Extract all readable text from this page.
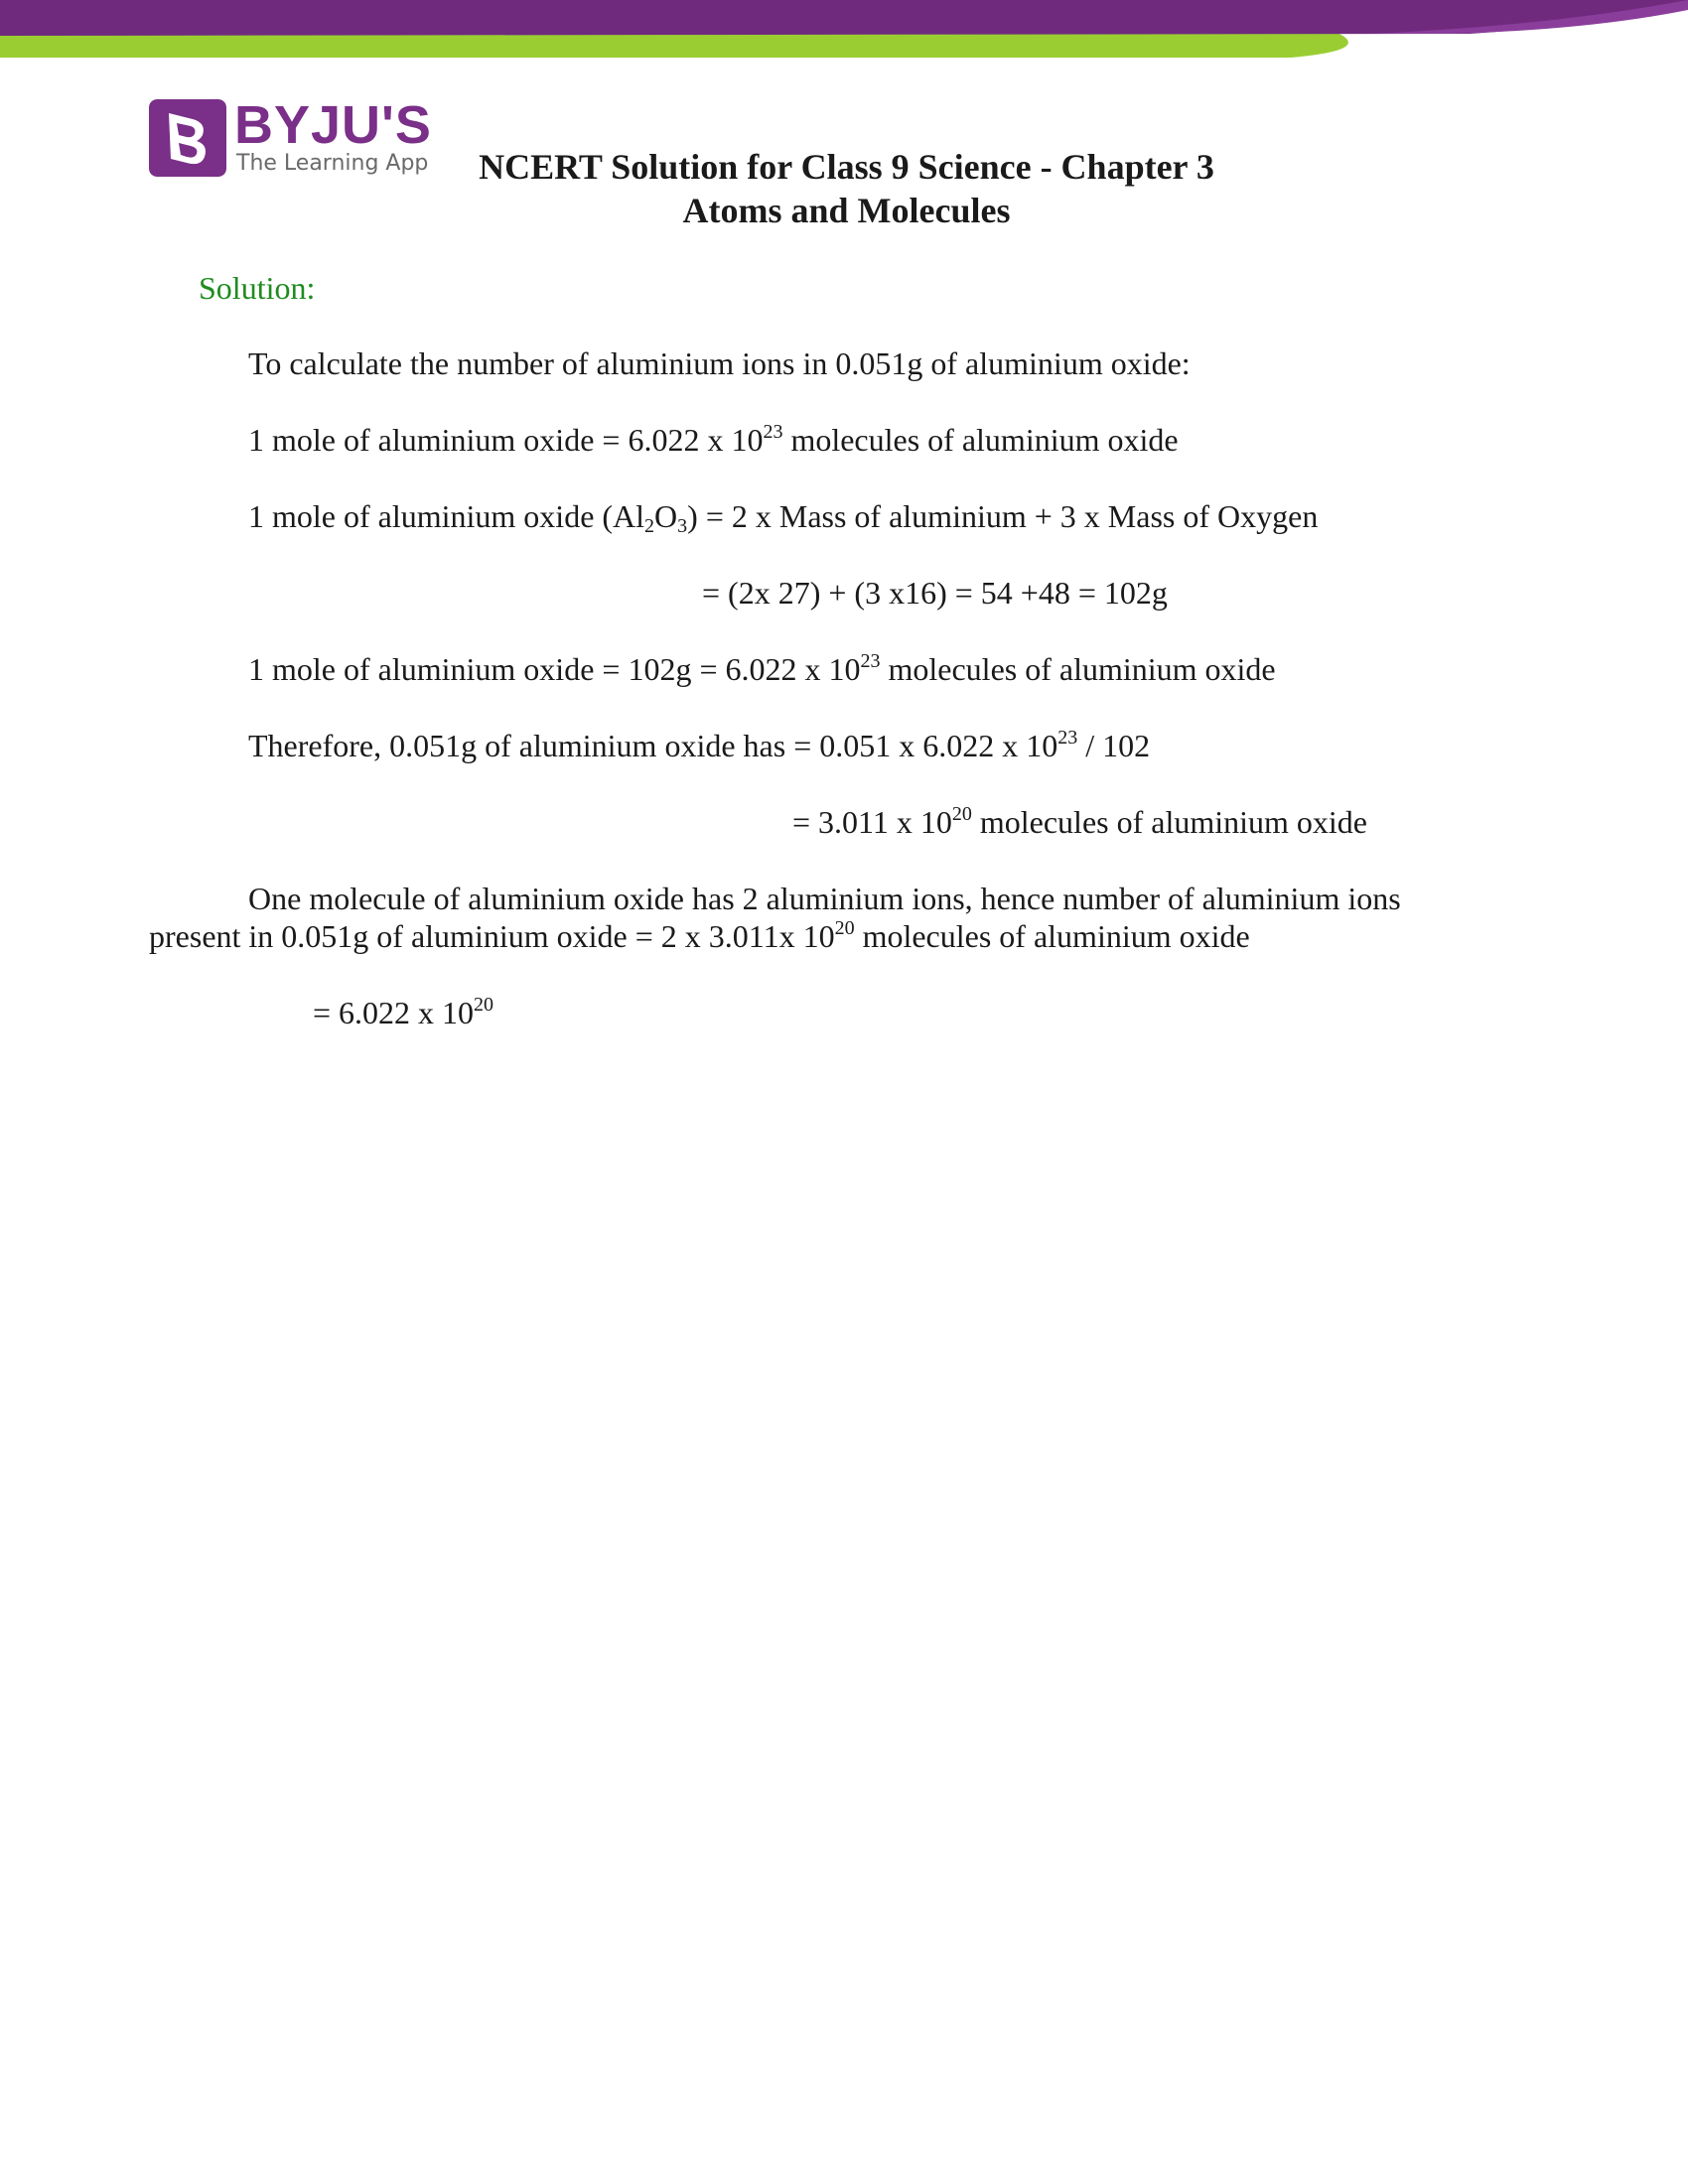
BYJU'S
The Learning App	NCERT Solution for Class 9 Science - Chapter 3
Atoms and Molecules
Solution:
To calculate the number of aluminium ions in 0.051g of aluminium oxide:
1 mole of aluminium oxide = 6.022 x $10^{23}$ molecules of aluminium oxide
1 mole of aluminium oxide $(Al_2O_3) = 2$ x Mass of aluminium + 3 x Mass of Oxygen
= (2x 27) + (3 x16) = 54 +48 = 102g
1 mole of aluminium oxide = 102g = 6.022 x $10^{23}$ molecules of aluminium oxide
Therefore, 0.051g of aluminium oxide has = 0.051 x 6.022 x $10^{23} / 102$
= 3.011 x $10^{20}$ molecules of aluminium oxide
One molecule of aluminium oxide has 2 aluminium ions, hence number of aluminium ions
present in 0.051g of aluminium oxide = 2 x 3.011x $10^{20}$ molecules of aluminium oxide
= 6.022 x $10^{20}$
